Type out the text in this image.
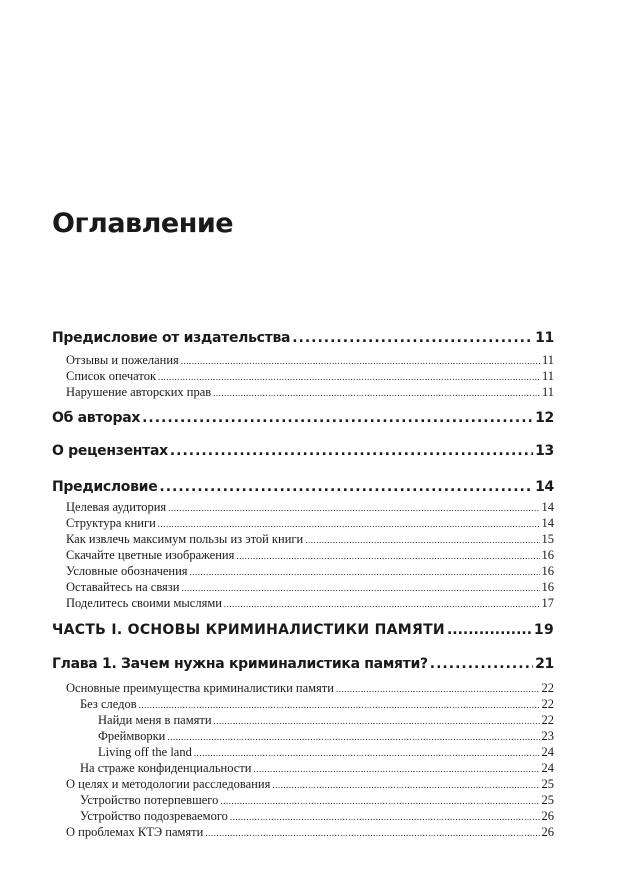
Оглавление
Предисловие от издательства .....	11
Отзывы и пожелания .....	11
Список опечаток .....	11
Нарушение авторских прав .....	11
Об авторах .....	12
О рецензентах .....	13
Предисловие .....	14
Целевая аудитория .....	14
Структура книги .....	14
Как извлечь максимум пользы из этой книги .....	15
Скачайте цветные изображения .....	16
Условные обозначения .....	16
Оставайтесь на связи .....	16
Поделитесь своими мыслями .....	17
ЧАСТЬ I. ОСНОВЫ КРИМИНАЛИСТИКИ ПАМЯТИ .....	19
Глава 1. Зачем нужна криминалистика памяти? .....	21
Основные преимущества криминалистики памяти .....	22
Без следов .....	22
Найди меня в памяти .....	22
Фреймворки .....	23
Living off the land .....	24
На страже конфиденциальности .....	24
О целях и методологии расследования .....	25
Устройство потерпевшего .....	25
Устройство подозреваемого .....	26
О проблемах КТЭ памяти .....	26
